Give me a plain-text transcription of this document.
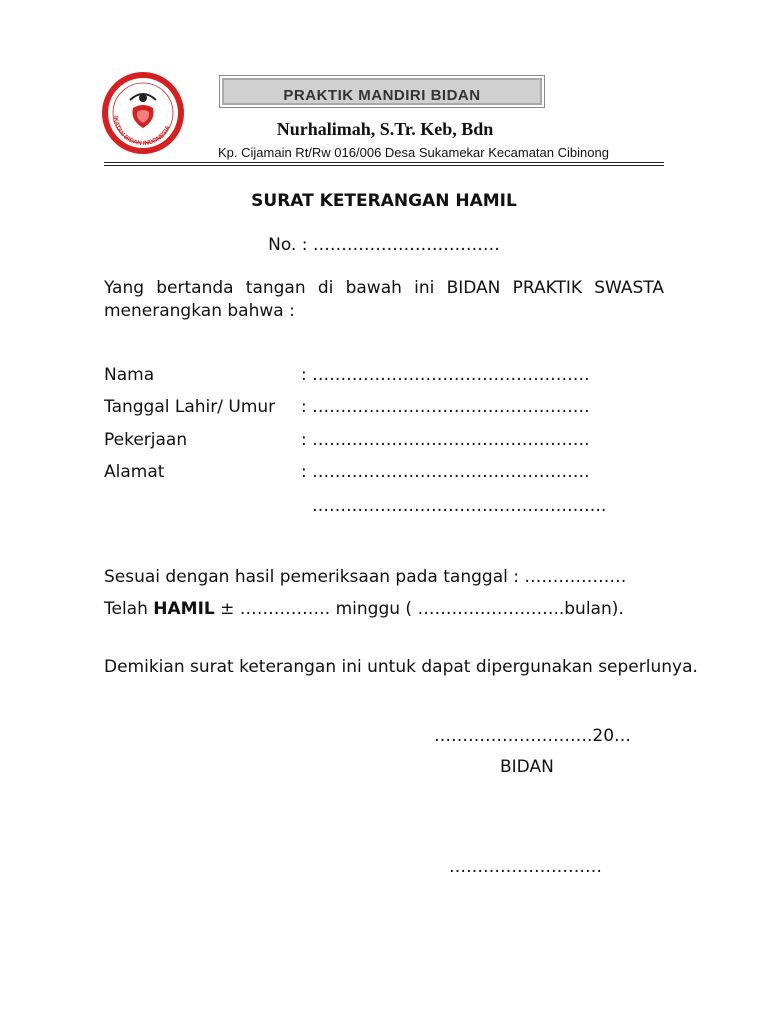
IKATAN BIDAN INDONESIA
PRAKTIK MANDIRI BIDAN
Nurhalimah, S.Tr. Keb, Bdn
Kp. Cijamain Rt/Rw 016/006 Desa Sukamekar Kecamatan Cibinong
SURAT KETERANGAN HAMIL
No. : ……………………………
Yang bertanda tangan di bawah ini BIDAN PRAKTIK SWASTA menerangkan bahwa :
Nama	: ………………………………………….
Tanggal Lahir/ Umur : ………………………………………….
Pekerjaan	: ………………………………………….
Alamat	: ………………………………………….
…………………………………………….
Sesuai dengan hasil pemeriksaan pada tanggal : ………………
Telah HAMIL ± ……………. minggu ( ……………………..bulan).
Demikian surat keterangan ini untuk dapat dipergunakan seperlunya.
……………………….20…
BIDAN
………………………
